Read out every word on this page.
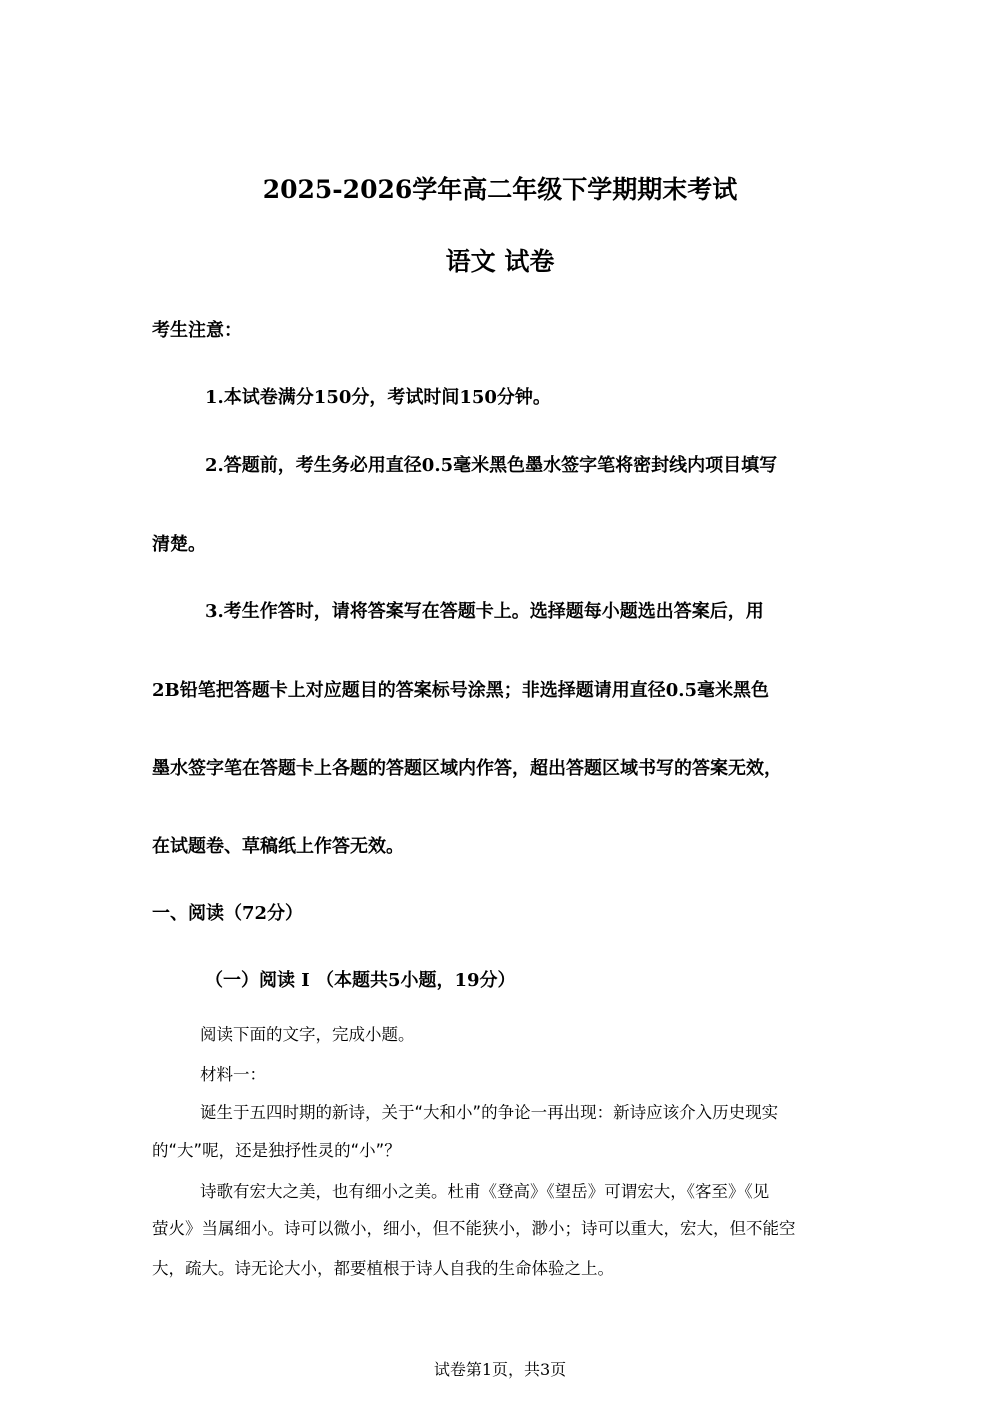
2025-2026学年高二年级下学期期末考试
语文 试卷
考生注意：
1.本试卷满分150分，考试时间150分钟。
2.答题前，考生务必用直径0.5毫米黑色墨水签字笔将密封线内项目填写
清楚。
3.考生作答时，请将答案写在答题卡上。选择题每小题选出答案后，用
2B铅笔把答题卡上对应题目的答案标号涂黑；非选择题请用直径0.5毫米黑色
墨水签字笔在答题卡上各题的答题区域内作答，超出答题区域书写的答案无效，
在试题卷、草稿纸上作答无效。
一、阅读（72分）
（一）阅读 I （本题共5小题，19分）
阅读下面的文字，完成小题。
材料一：
诞生于五四时期的新诗，关于“大和小”的争论一再出现：新诗应该介入历史现实
的“大”呢，还是独抒性灵的“小”？
诗歌有宏大之美，也有细小之美。杜甫《登高》《望岳》可谓宏大，《客至》《见
萤火》当属细小。诗可以微小，细小，但不能狭小，渺小；诗可以重大，宏大，但不能空
大，疏大。诗无论大小，都要植根于诗人自我的生命体验之上。
试卷第1页，共3页
